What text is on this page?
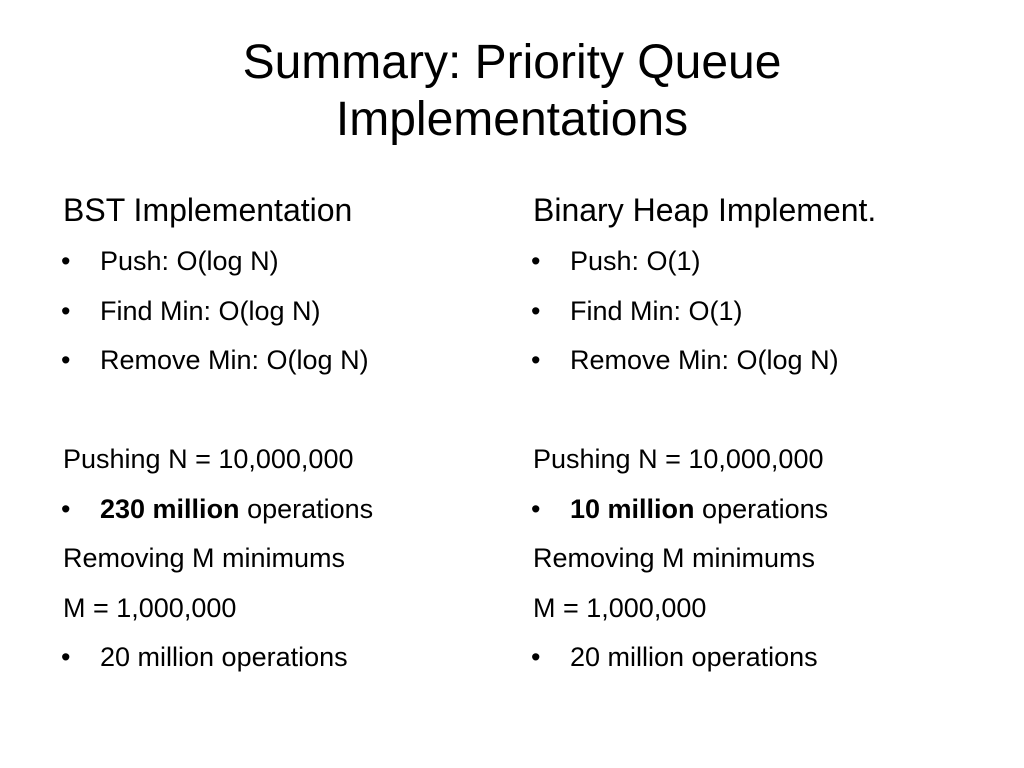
Summary: Priority Queue
Implementations
BST Implementation
• Push: O(log N)
• Find Min: O(log N)
• Remove Min: O(log N)
Pushing N = 10,000,000
• 230 million operations
Removing M minimums
M = 1,000,000
• 20 million operations
Binary Heap Implement.
• Push: O(1)
• Find Min: O(1)
• Remove Min: O(log N)
Pushing N = 10,000,000
• 10 million operations
Removing M minimums
M = 1,000,000
• 20 million operations
